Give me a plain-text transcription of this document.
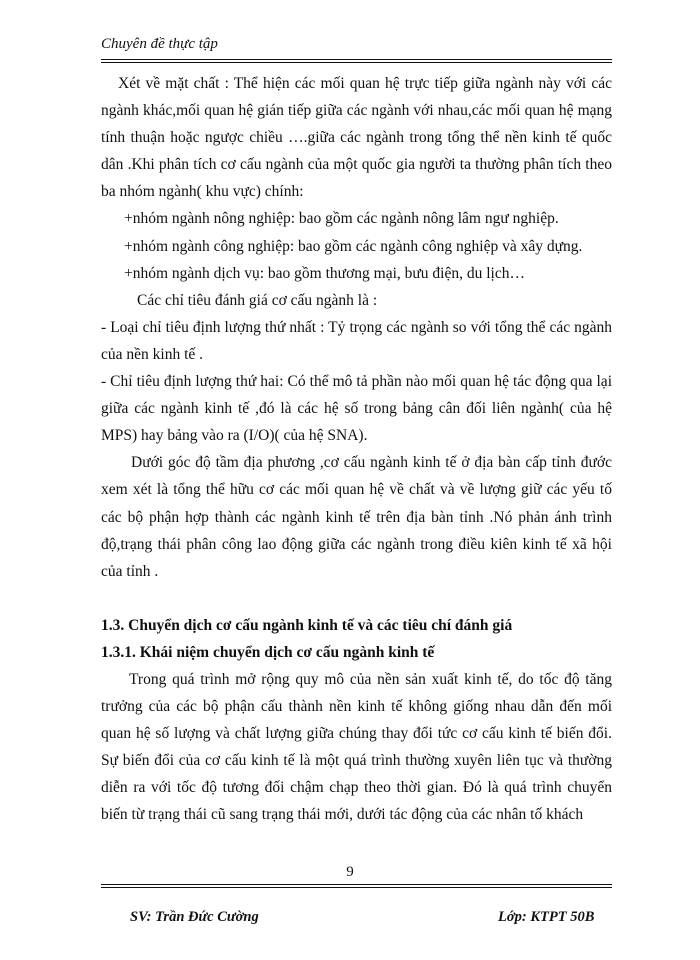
Chuyên đề thực tập

Xét về mặt chất : Thể hiện các mối quan hệ trực tiếp giữa ngành này với các ngành khác,mối quan hệ gián tiếp giữa các ngành với nhau,các mối quan hệ mạng tính thuận hoặc ngược chiều ….giữa các ngành trong tổng thể nền kinh tế quốc dân .Khi phân tích cơ cấu ngành của một quốc gia người ta thường phân tích theo ba nhóm ngành( khu vực) chính:

+nhóm ngành nông nghiệp: bao gồm các ngành nông lâm ngư nghiệp.

+nhóm ngành công nghiệp: bao gồm các ngành công nghiệp và xây dựng.

+nhóm ngành dịch vụ: bao gồm thương mại, bưu điện, du lịch…

Các chỉ tiêu đánh giá cơ cấu ngành là :

- Loại chỉ tiêu định lượng thứ nhất : Tỷ trọng các ngành so với tổng thể các ngành của nền kinh tế .

- Chỉ tiêu định lượng thứ hai: Có thể mô tả phần nào mối quan hệ tác động qua lại giữa các ngành kinh tế ,đó là các hệ số trong bảng cân đối liên ngành( của hệ MPS) hay bảng vào ra (I/O)( của hệ SNA).

Dưới góc độ tầm địa phương ,cơ cấu ngành kinh tế ở địa bàn cấp tỉnh đước xem xét là tổng thể hữu cơ các mối quan hệ về chất và về lượng giữ các yếu tố các bộ phận hợp thành các ngành kinh tế trên địa bàn tỉnh .Nó phản ánh trình độ,trạng thái phân công lao động giữa các ngành trong điều kiên kinh tế xã hội của tỉnh .

1.3. Chuyển dịch cơ cấu ngành kinh tế và các tiêu chí đánh giá

1.3.1. Khái niệm chuyển dịch cơ cấu ngành kinh tế

Trong quá trình mở rộng quy mô của nền sản xuất kinh tế, do tốc độ tăng trưởng của các bộ phận cấu thành nền kinh tế không giống nhau dẫn đến mối quan hệ số lượng và chất lượng giữa chúng thay đổi tức cơ cấu kinh tế biến đổi. Sự biến đổi của cơ cấu kinh tế là một quá trình thường xuyên liên tục và thường diễn ra với tốc độ tương đối chậm chạp theo thời gian. Đó là quá trình chuyển biến từ trạng thái cũ sang trạng thái mới, dưới tác động của các nhân tố khách

9
SV: Trần Đức Cường	Lớp: KTPT 50B
